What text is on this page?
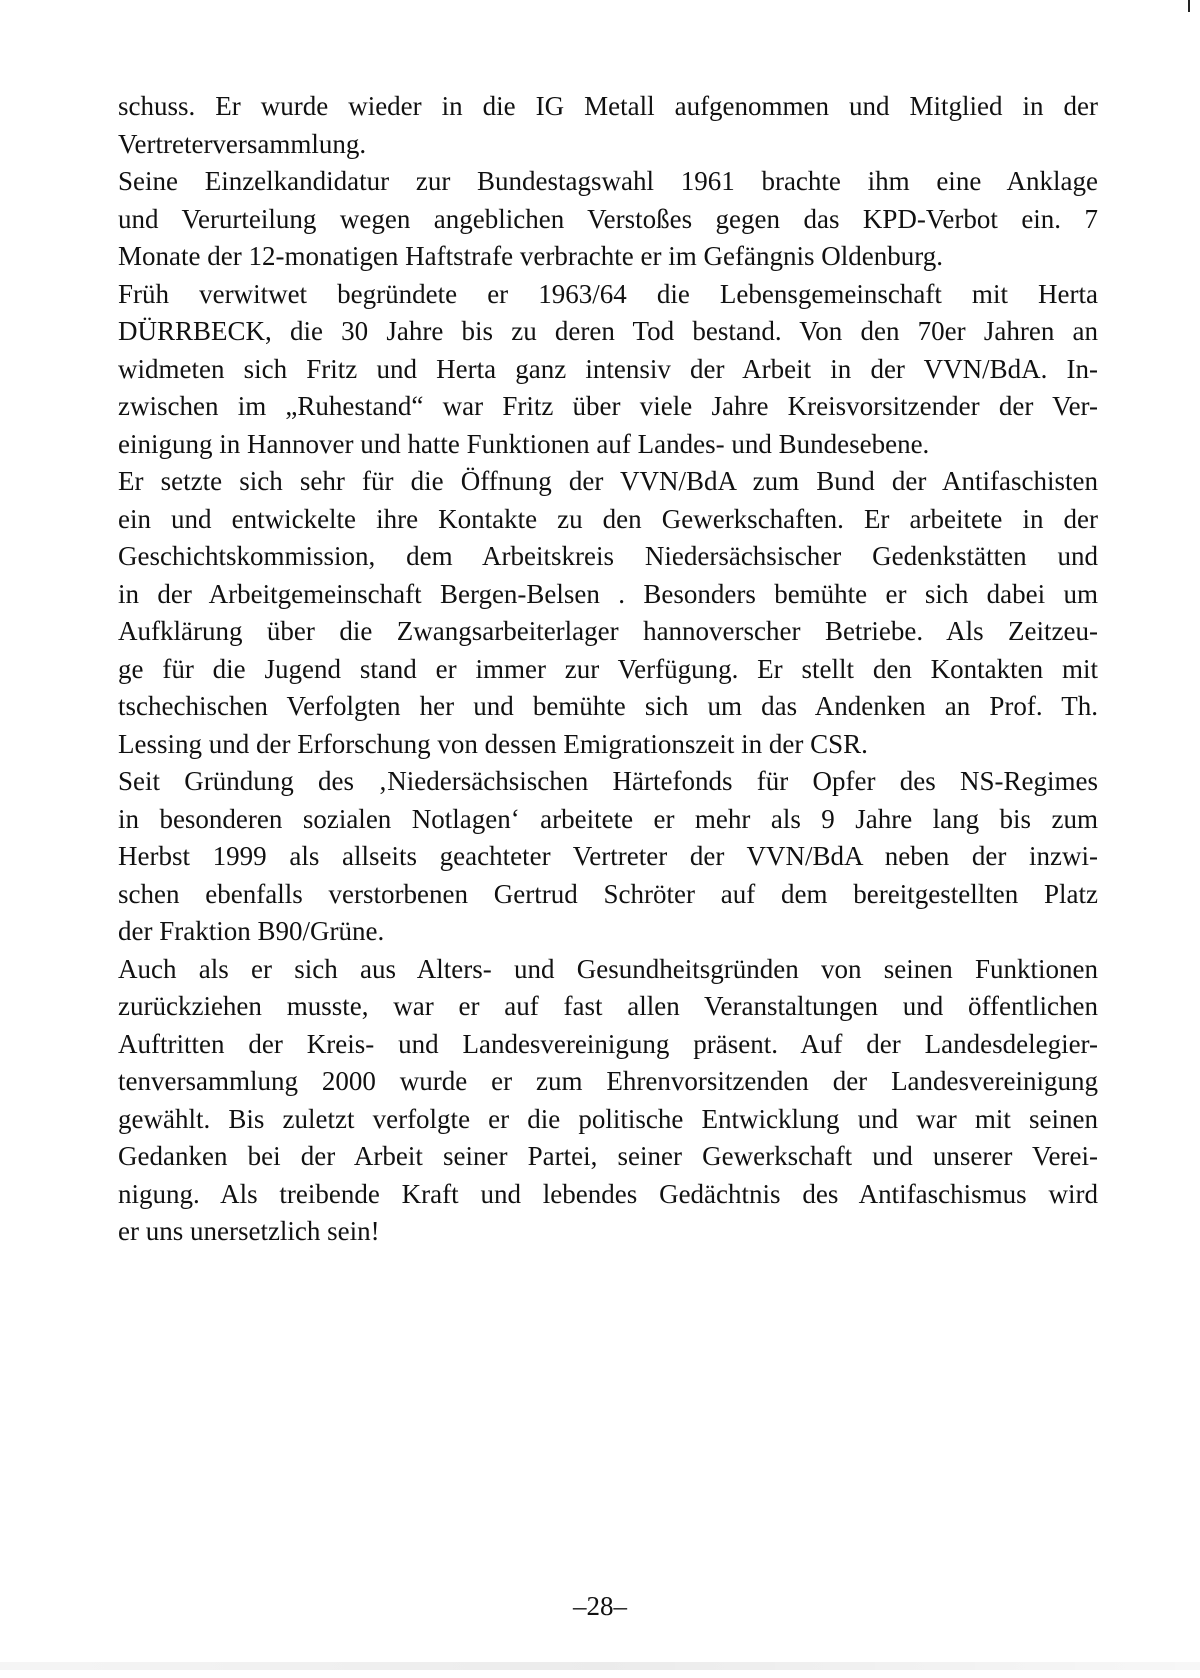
schuss. Er wurde wieder in die IG Metall aufgenommen und Mitglied in der
Vertreterversammlung.
Seine Einzelkandidatur zur Bundestagswahl 1961 brachte ihm eine Anklage
und Verurteilung wegen angeblichen Verstoßes gegen das KPD-Verbot ein. 7
Monate der 12-monatigen Haftstrafe verbrachte er im Gefängnis Oldenburg.
Früh verwitwet begründete er 1963/64 die Lebensgemeinschaft mit Herta
DÜRRBECK, die 30 Jahre bis zu deren Tod bestand. Von den 70er Jahren an
widmeten sich Fritz und Herta ganz intensiv der Arbeit in der VVN/BdA. In-
zwischen im „Ruhestand“ war Fritz über viele Jahre Kreisvorsitzender der Ver-
einigung in Hannover und hatte Funktionen auf Landes- und Bundesebene.
Er setzte sich sehr für die Öffnung der VVN/BdA zum Bund der Antifaschisten
ein und entwickelte ihre Kontakte zu den Gewerkschaften. Er arbeitete in der
Geschichtskommission, dem Arbeitskreis Niedersächsischer Gedenkstätten und
in der Arbeitgemeinschaft Bergen-Belsen . Besonders bemühte er sich dabei um
Aufklärung über die Zwangsarbeiterlager hannoverscher Betriebe. Als Zeitzeu-
ge für die Jugend stand er immer zur Verfügung. Er stellt den Kontakten mit
tschechischen Verfolgten her und bemühte sich um das Andenken an Prof. Th.
Lessing und der Erforschung von dessen Emigrationszeit in der CSR.
Seit Gründung des ‚Niedersächsischen Härtefonds für Opfer des NS-Regimes
in besonderen sozialen Notlagen‘ arbeitete er mehr als 9 Jahre lang bis zum
Herbst 1999 als allseits geachteter Vertreter der VVN/BdA neben der inzwi-
schen ebenfalls verstorbenen Gertrud Schröter auf dem bereitgestellten Platz
der Fraktion B90/Grüne.
Auch als er sich aus Alters- und Gesundheitsgründen von seinen Funktionen
zurückziehen musste, war er auf fast allen Veranstaltungen und öffentlichen
Auftritten der Kreis- und Landesvereinigung präsent. Auf der Landesdelegier-
tenversammlung 2000 wurde er zum Ehrenvorsitzenden der Landesvereinigung
gewählt. Bis zuletzt verfolgte er die politische Entwicklung und war mit seinen
Gedanken bei der Arbeit seiner Partei, seiner Gewerkschaft und unserer Verei-
nigung. Als treibende Kraft und lebendes Gedächtnis des Antifaschismus wird
er uns unersetzlich sein!
–28–
